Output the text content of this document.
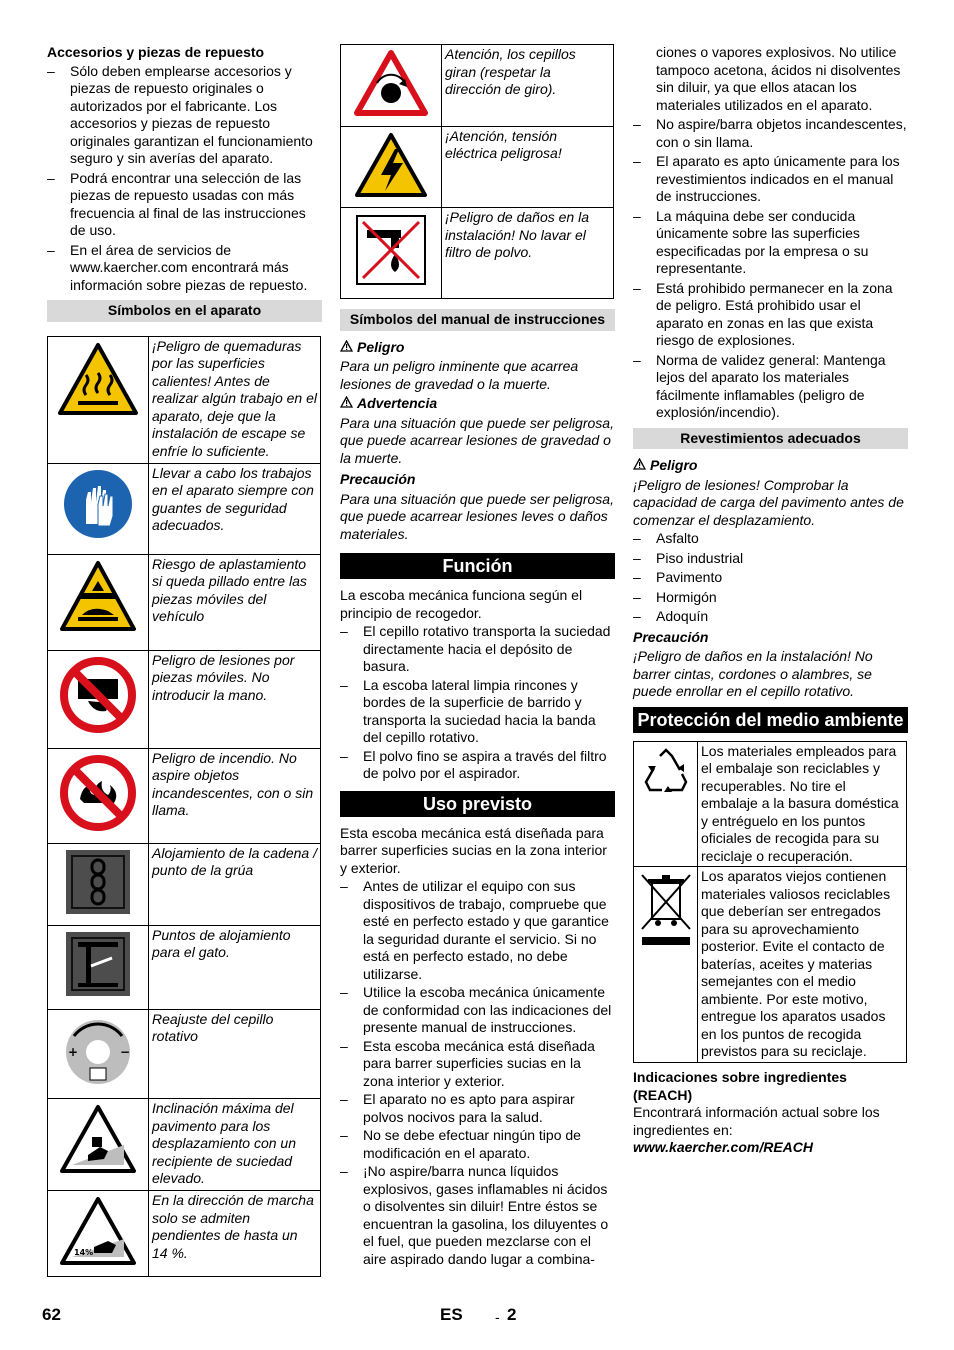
Accesorios y piezas de repuesto
– Sólo deben emplearse accesorios y piezas de repuesto originales o autorizados por el fabricante. Los accesorios y piezas de repuesto originales garantizan el funcionamiento seguro y sin averías del aparato.
– Podrá encontrar una selección de las piezas de repuesto usadas con más frecuencia al final de las instrucciones de uso.
– En el área de servicios de www.kaercher.com encontrará más información sobre piezas de repuesto.
Símbolos en el aparato
	¡Peligro de quemaduras por las superficies calientes! Antes de realizar algún trabajo en el aparato, deje que la instalación de escape se enfríe lo suficiente.
	Llevar a cabo los trabajos en el aparato siempre con guantes de seguridad adecuados.
	Riesgo de aplastamiento si queda pillado entre las piezas móviles del vehículo
	Peligro de lesiones por piezas móviles. No introducir la mano.
	Peligro de incendio. No aspire objetos incandescentes, con o sin llama.
	Alojamiento de la cadena / punto de la grúa
	Puntos de alojamiento para el gato.

+ −	Reajuste del cepillo rotativo
	Inclinación máxima del pavimento para los desplazamiento con un recipiente de suciedad elevado.

14%	En la dirección de marcha solo se admiten pendientes de hasta un 14 %.
	Atención, los cepillos giran (respetar la dirección de giro).
	¡Atención, tensión eléctrica peligrosa!
	¡Peligro de daños en la instalación! No lavar el filtro de polvo.
Símbolos del manual de instrucciones
Peligro
Para un peligro inminente que acarrea lesiones de gravedad o la muerte.
Advertencia
Para una situación que puede ser peligrosa, que puede acarrear lesiones de gravedad o la muerte.
Precaución
Para una situación que puede ser peligrosa, que puede acarrear lesiones leves o daños materiales.
Función
La escoba mecánica funciona según el principio de recogedor.
– El cepillo rotativo transporta la suciedad directamente hacia el depósito de basura.
– La escoba lateral limpia rincones y bordes de la superficie de barrido y transporta la suciedad hacia la banda del cepillo rotativo.
– El polvo fino se aspira a través del filtro de polvo por el aspirador.
Uso previsto
Esta escoba mecánica está diseñada para barrer superficies sucias en la zona interior y exterior.
– Antes de utilizar el equipo con sus dispositivos de trabajo, compruebe que esté en perfecto estado y que garantice la seguridad durante el servicio. Si no está en perfecto estado, no debe utilizarse.
– Utilice la escoba mecánica únicamente de conformidad con las indicaciones del presente manual de instrucciones.
– Esta escoba mecánica está diseñada para barrer superficies sucias en la zona interior y exterior.
– El aparato no es apto para aspirar polvos nocivos para la salud.
– No se debe efectuar ningún tipo de modificación en el aparato.
– ¡No aspire/barra nunca líquidos explosivos, gases inflamables ni ácidos o disolventes sin diluir! Entre éstos se encuentran la gasolina, los diluyentes o el fuel, que pueden mezclarse con el aire aspirado dando lugar a combina-
ciones o vapores explosivos. No utilice tampoco acetona, ácidos ni disolventes sin diluir, ya que ellos atacan los materiales utilizados en el aparato.
– No aspire/barra objetos incandescentes, con o sin llama.
– El aparato es apto únicamente para los revestimientos indicados en el manual de instrucciones.
– La máquina debe ser conducida únicamente sobre las superficies especificadas por la empresa o su representante.
– Está prohibido permanecer en la zona de peligro. Está prohibido usar el aparato en zonas en las que exista riesgo de explosiones.
– Norma de validez general: Mantenga lejos del aparato los materiales fácilmente inflamables (peligro de explosión/incendio).
Revestimientos adecuados
Peligro
¡Peligro de lesiones! Comprobar la capacidad de carga del pavimento antes de comenzar el desplazamiento.
– Asfalto
– Piso industrial
– Pavimento
– Hormigón
– Adoquín
Precaución
¡Peligro de daños en la instalación! No barrer cintas, cordones o alambres, se puede enrollar en el cepillo rotativo.
Protección del medio ambiente
	Los materiales empleados para el embalaje son reciclables y recuperables. No tire el embalaje a la basura doméstica y entréguelo en los puntos oficiales de recogida para su reciclaje o recuperación.
	Los aparatos viejos contienen materiales valiosos reciclables que deberían ser entregados para su aprovechamiento posterior. Evite el contacto de baterías, aceites y materias semejantes con el medio ambiente. Por este motivo, entregue los aparatos usados en los puntos de recogida previstos para su reciclaje.
Indicaciones sobre ingredientes (REACH)
Encontrará información actual sobre los ingredientes en:
www.kaercher.com/REACH
62	ES - 2
